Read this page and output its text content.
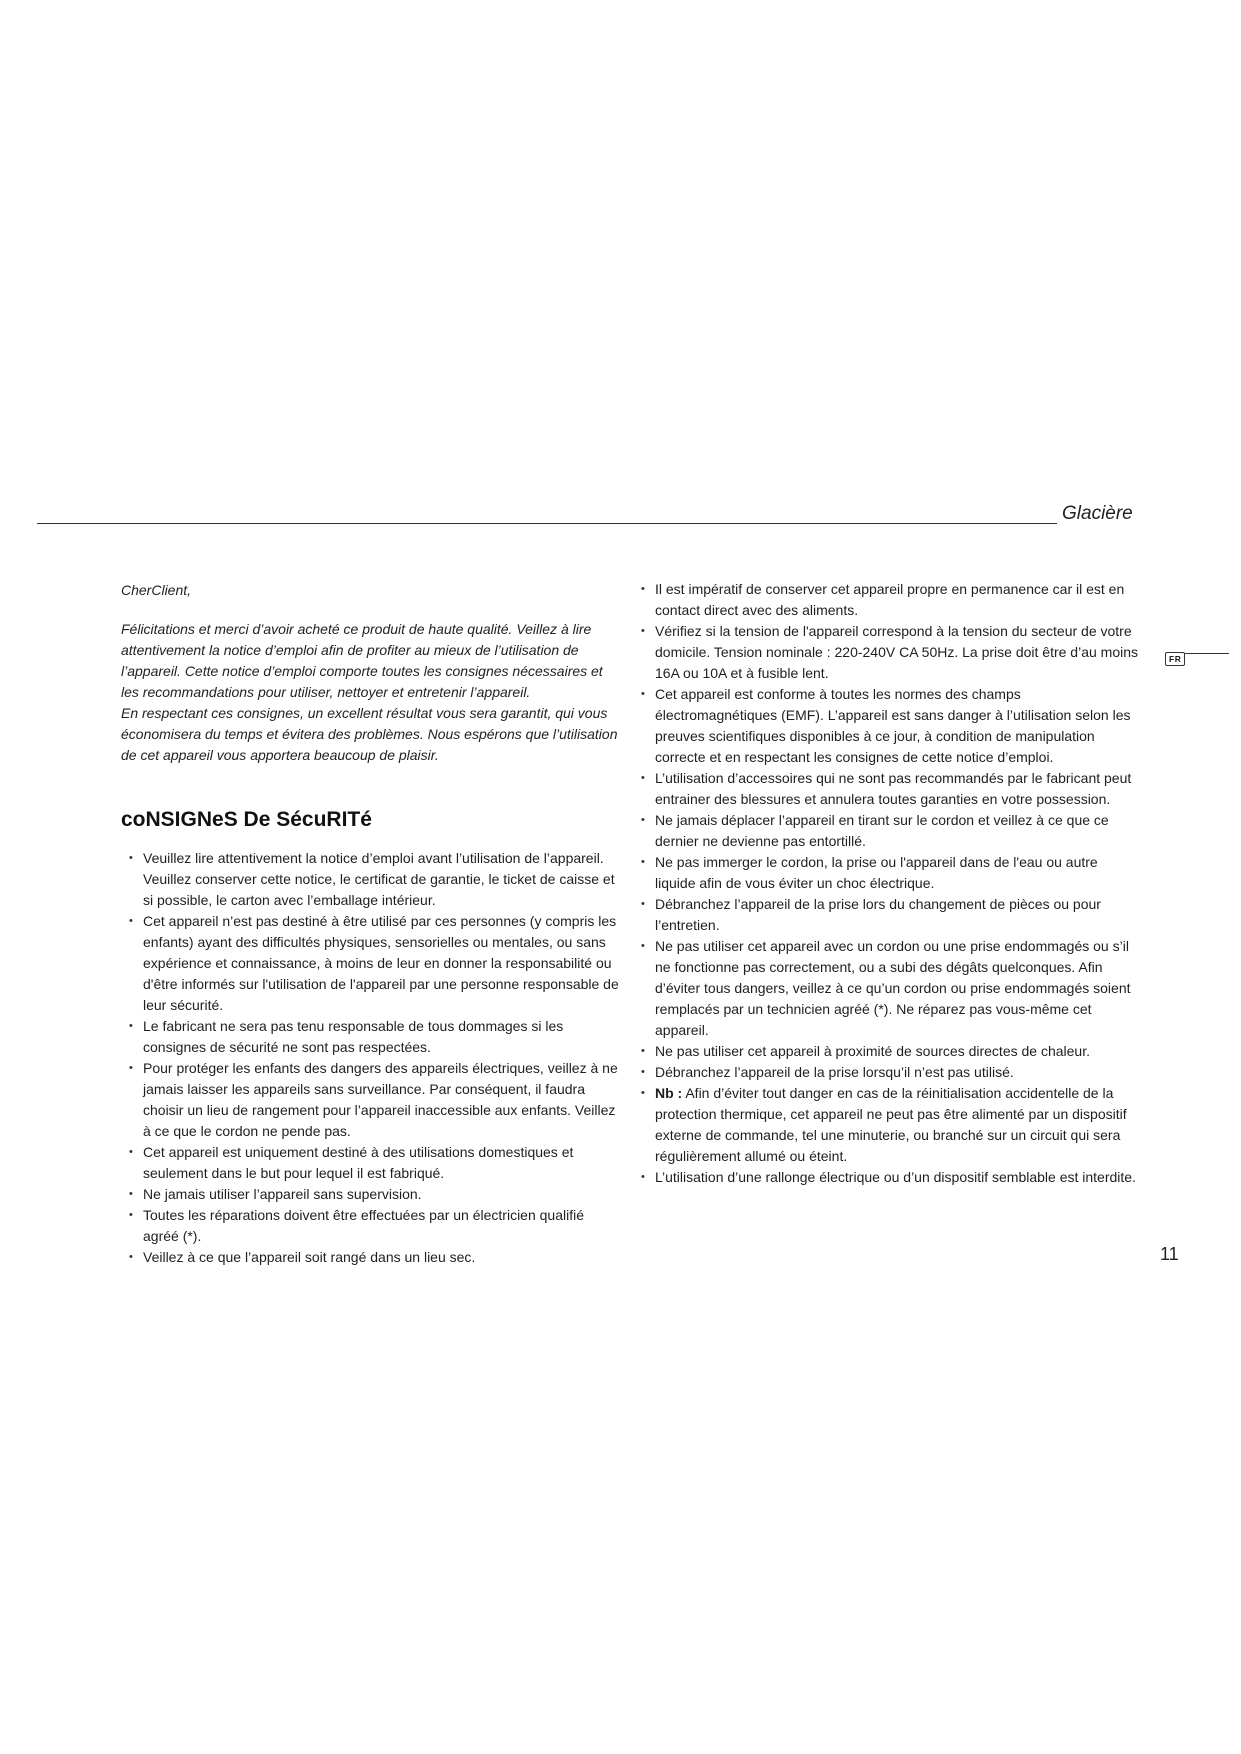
Glacière
FR

CherClient,

Félicitations et merci d’avoir acheté ce produit de haute qualité. Veillez à lire attentivement la notice d’emploi afin de profiter au mieux de l’utilisation de l’appareil. Cette notice d’emploi comporte toutes les consignes nécessaires et les recommandations pour utiliser, nettoyer et entretenir l’appareil.

En respectant ces consignes, un excellent résultat vous sera garantit, qui vous économisera du temps et évitera des problèmes. Nous espérons que l’utilisation de cet appareil vous apportera beaucoup de plaisir.

coNSIGNeS De SécuRITé
• Veuillez lire attentivement la notice d’emploi avant l’utilisation de l’appareil. Veuillez conserver cette notice, le certificat de garantie, le ticket de caisse et si possible, le carton avec l’emballage intérieur.
• Cet appareil n’est pas destiné à être utilisé par ces personnes (y compris les enfants) ayant des difficultés physiques, sensorielles ou mentales, ou sans expérience et connaissance, à moins de leur en donner la responsabilité ou d'être informés sur l'utilisation de l'appareil par une personne responsable de leur sécurité.
• Le fabricant ne sera pas tenu responsable de tous dommages si les consignes de sécurité ne sont pas respectées.
• Pour protéger les enfants des dangers des appareils électriques, veillez à ne jamais laisser les appareils sans surveillance. Par conséquent, il faudra choisir un lieu de rangement pour l’appareil inaccessible aux enfants. Veillez à ce que le cordon ne pende pas.
• Cet appareil est uniquement destiné à des utilisations domestiques et seulement dans le but pour lequel il est fabriqué.
• Ne jamais utiliser l’appareil sans supervision.
• Toutes les réparations doivent être effectuées par un électricien qualifié agréé (*).
• Veillez à ce que l’appareil soit rangé dans un lieu sec.
• Il est impératif de conserver cet appareil propre en permanence car il est en contact direct avec des aliments.
• Vérifiez si la tension de l'appareil correspond à la tension du secteur de votre domicile. Tension nominale : 220-240V CA 50Hz. La prise doit être d’au moins 16A ou 10A et à fusible lent.
• Cet appareil est conforme à toutes les normes des champs électromagnétiques (EMF). L’appareil est sans danger à l’utilisation selon les preuves scientifiques disponibles à ce jour, à condition de manipulation correcte et en respectant les consignes de cette notice d’emploi.
• L’utilisation d’accessoires qui ne sont pas recommandés par le fabricant peut entrainer des blessures et annulera toutes garanties en votre possession.
• Ne jamais déplacer l’appareil en tirant sur le cordon et veillez à ce que ce dernier ne devienne pas entortillé.
• Ne pas immerger le cordon, la prise ou l'appareil dans de l'eau ou autre liquide afin de vous éviter un choc électrique.
• Débranchez l’appareil de la prise lors du changement de pièces ou pour l’entretien.
• Ne pas utiliser cet appareil avec un cordon ou une prise endommagés ou s’il ne fonctionne pas correctement, ou a subi des dégâts quelconques. Afin d’éviter tous dangers, veillez à ce qu’un cordon ou prise endommagés soient remplacés par un technicien agréé (*). Ne réparez pas vous-même cet appareil.
• Ne pas utiliser cet appareil à proximité de sources directes de chaleur.
• Débranchez l’appareil de la prise lorsqu’il n’est pas utilisé.
• Nb : Afin d’éviter tout danger en cas de la réinitialisation accidentelle de la protection thermique, cet appareil ne peut pas être alimenté par un dispositif externe de commande, tel une minuterie, ou branché sur un circuit qui sera régulièrement allumé ou éteint.
• L’utilisation d’une rallonge électrique ou d’un dispositif semblable est interdite.
11
